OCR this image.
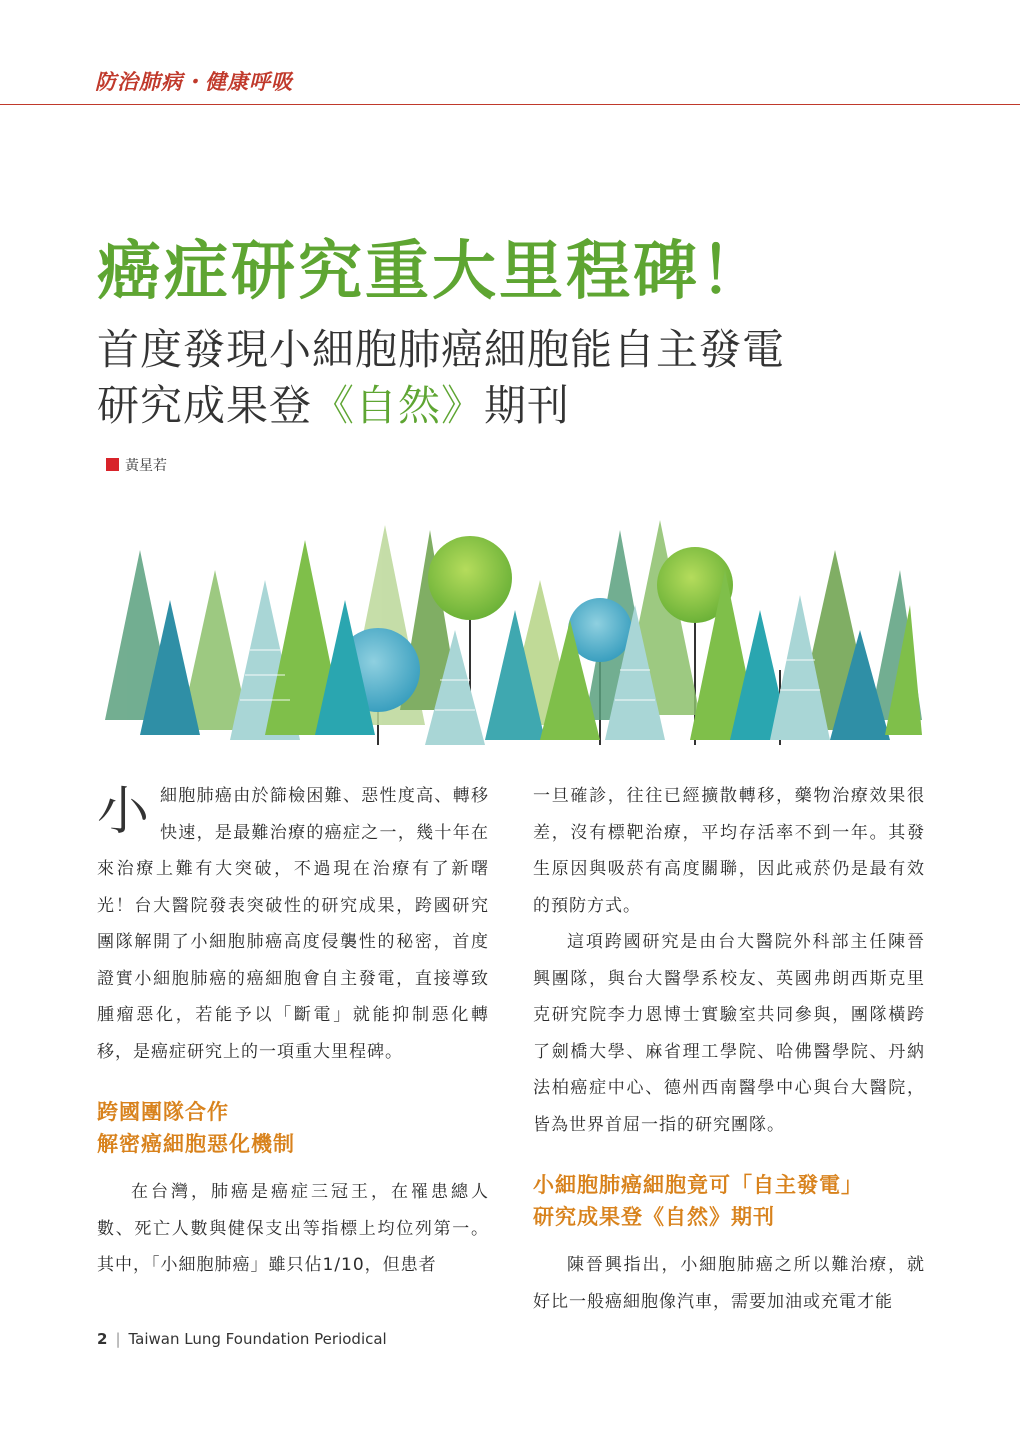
防治肺病・健康呼吸
癌症研究重大里程碑！
首度發現小細胞肺癌細胞能自主發電
研究成果登《自然》期刊
黃星若

小細胞肺癌由於篩檢困難、惡性度高、轉移快速，是最難治療的癌症之一，幾十年在來治療上難有大突破，不過現在治療有了新曙光！台大醫院發表突破性的研究成果，跨國研究團隊解開了小細胞肺癌高度侵襲性的秘密，首度證實小細胞肺癌的癌細胞會自主發電，直接導致腫瘤惡化，若能予以「斷電」就能抑制惡化轉移，是癌症研究上的一項重大里程碑。

跨國團隊合作
解密癌細胞惡化機制

在台灣，肺癌是癌症三冠王，在罹患總人數、死亡人數與健保支出等指標上均位列第一。其中，「小細胞肺癌」雖只佔1/10，但患者

一旦確診，往往已經擴散轉移，藥物治療效果很差，沒有標靶治療，平均存活率不到一年。其發生原因與吸菸有高度關聯，因此戒菸仍是最有效的預防方式。

這項跨國研究是由台大醫院外科部主任陳晉興團隊，與台大醫學系校友、英國弗朗西斯克里克研究院李力恩博士實驗室共同參與，團隊橫跨了劍橋大學、麻省理工學院、哈佛醫學院、丹納法柏癌症中心、德州西南醫學中心與台大醫院，皆為世界首屈一指的研究團隊。

小細胞肺癌細胞竟可「自主發電」
研究成果登《自然》期刊

陳晉興指出，小細胞肺癌之所以難治療，就好比一般癌細胞像汽車，需要加油或充電才能

2 | Taiwan Lung Foundation Periodical
